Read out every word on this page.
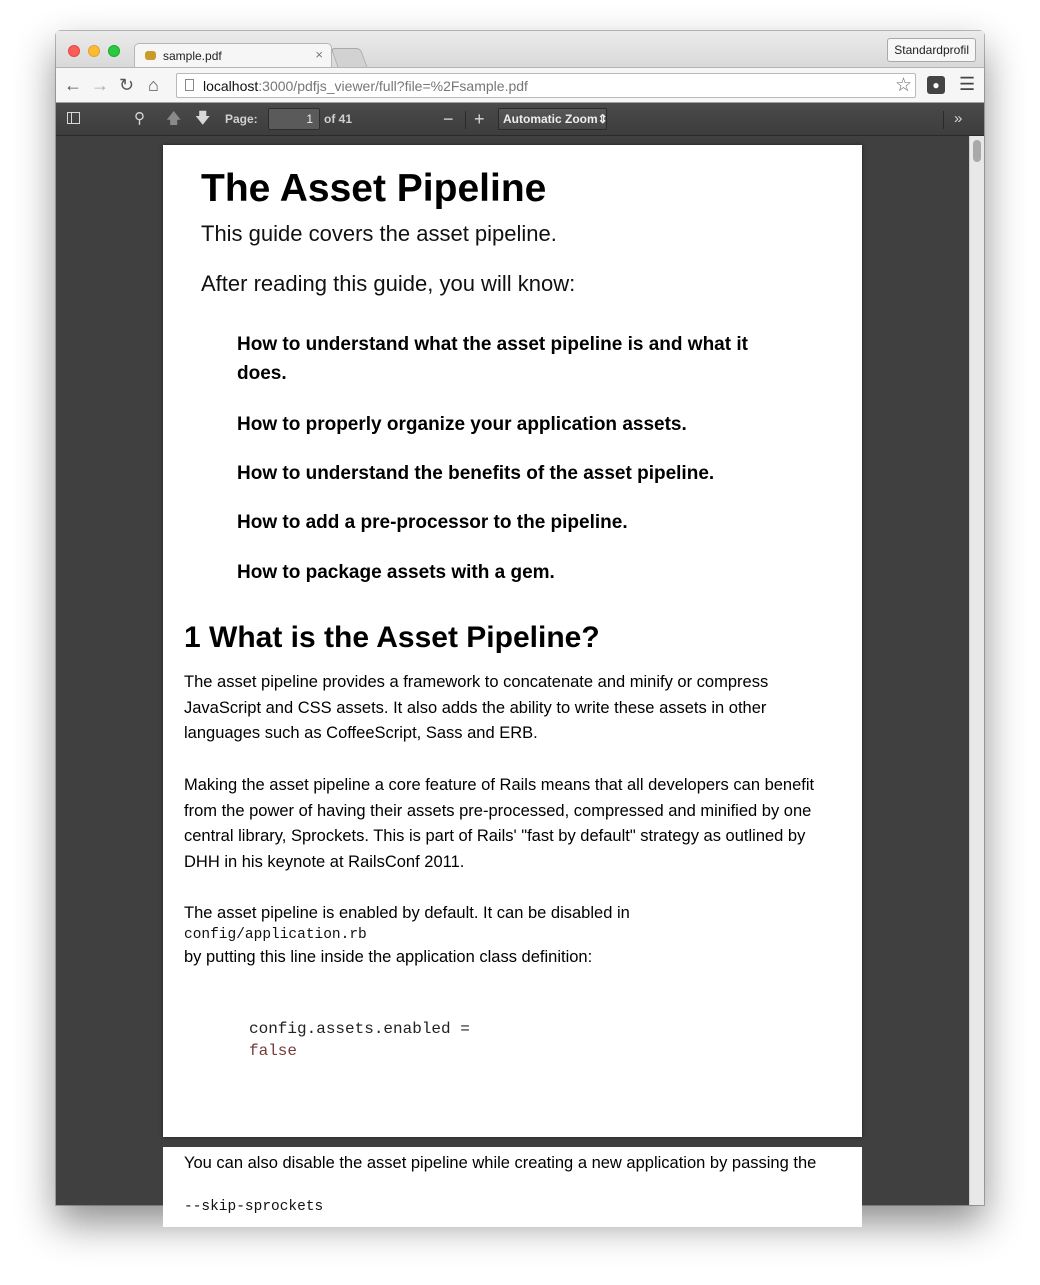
sample.pdf	×	Standardprofil
← → ↻ ⌂	localhost:3000/pdfjs_viewer/full?file=%2Fsample.pdf	☆	● ☰
⚲ 🡅 🡇 Page:	1 of 41	− +	Automatic Zoom⇕	»
The Asset Pipeline
This guide covers the asset pipeline.
After reading this guide, you will know:
How to understand what the asset pipeline is and what it does.
How to properly organize your application assets.
How to understand the benefits of the asset pipeline.
How to add a pre-processor to the pipeline.
How to package assets with a gem.
1 What is the Asset Pipeline?
The asset pipeline provides a framework to concatenate and minify or compress JavaScript and CSS assets. It also adds the ability to write these assets in other languages such as CoffeeScript, Sass and ERB.
Making the asset pipeline a core feature of Rails means that all developers can benefit from the power of having their assets pre-processed, compressed and minified by one central library, Sprockets. This is part of Rails' "fast by default" strategy as outlined by DHH in his keynote at RailsConf 2011.
The asset pipeline is enabled by default. It can be disabled in
config/application.rb
by putting this line inside the application class definition:
config.assets.enabled =
false
You can also disable the asset pipeline while creating a new application by passing the
--skip-sprockets
